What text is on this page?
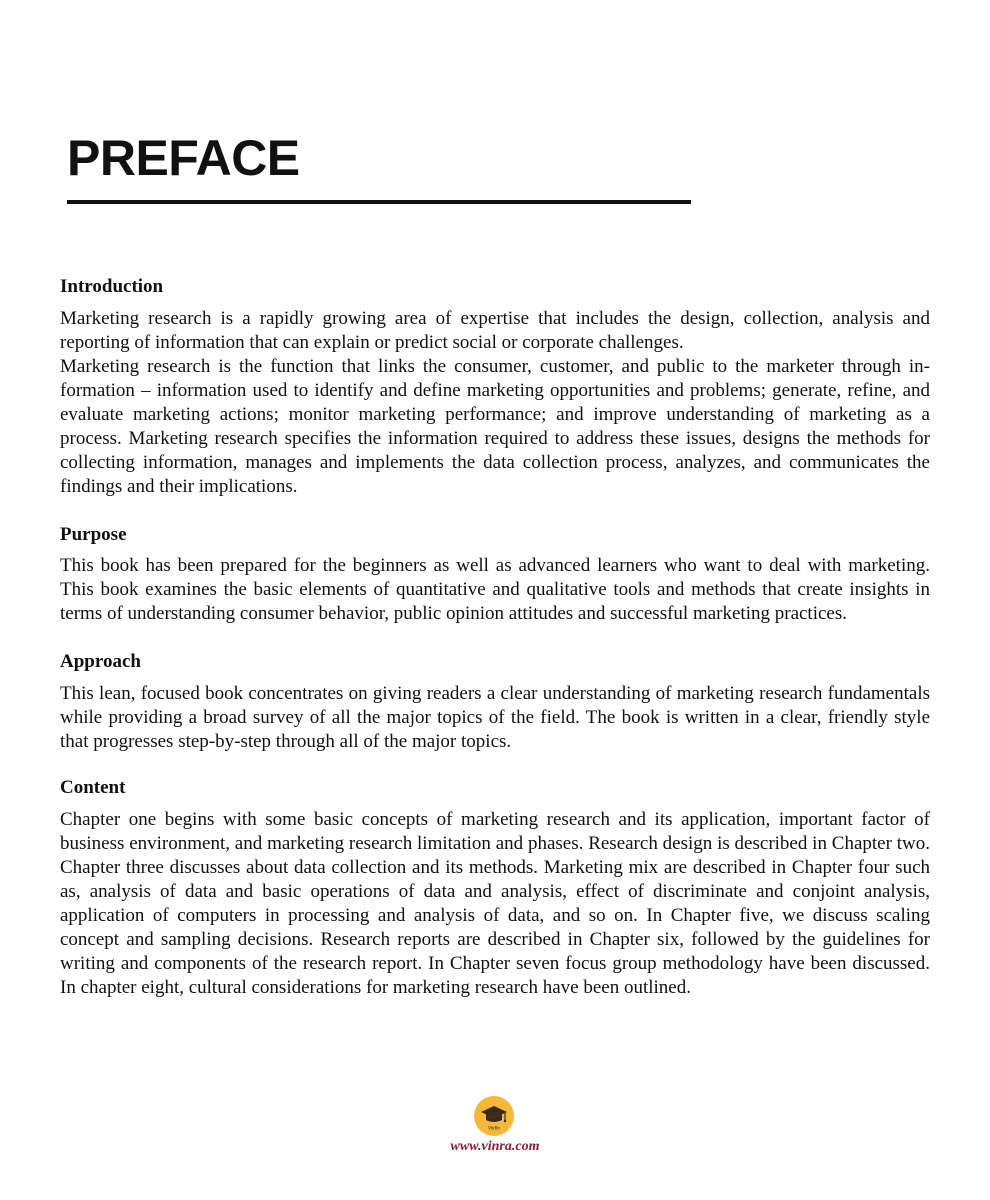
PREFACE
Introduction

Marketing research is a rapidly growing area of expertise that includes the design, collection, analysis and reporting of information that can explain or predict social or corporate challenges.

Marketing research is the function that links the consumer, customer, and public to the marketer through information – information used to identify and define marketing opportunities and problems; generate, refine, and evaluate marketing actions; monitor marketing performance; and improve understanding of marketing as a process. Marketing research specifies the information required to address these issues, designs the methods for collecting information, manages and implements the data collection process, analyzes, and communicates the findings and their implications.

Purpose

This book has been prepared for the beginners as well as advanced learners who want to deal with marketing. This book examines the basic elements of quantitative and qualitative tools and methods that create insights in terms of understanding consumer behavior, public opinion attitudes and successful marketing practices.

Approach

This lean, focused book concentrates on giving readers a clear understanding of marketing research fundamentals while providing a broad survey of all the major topics of the field. The book is written in a clear, friendly style that progresses step-by-step through all of the major topics.

Content

Chapter one begins with some basic concepts of marketing research and its application, important factor of business environment, and marketing research limitation and phases. Research design is described in Chapter two. Chapter three discusses about data collection and its methods. Marketing mix are described in Chapter four such as, analysis of data and basic operations of data and analysis, effect of discriminate and conjoint analysis, application of computers in processing and analysis of data, and so on. In Chapter five, we discuss scaling concept and sampling decisions. Research reports are described in Chapter six, followed by the guidelines for writing and components of the research report. In Chapter seven focus group methodology have been discussed. In chapter eight, cultural considerations for marketing research have been outlined.

VinRa
www.vinra.com
